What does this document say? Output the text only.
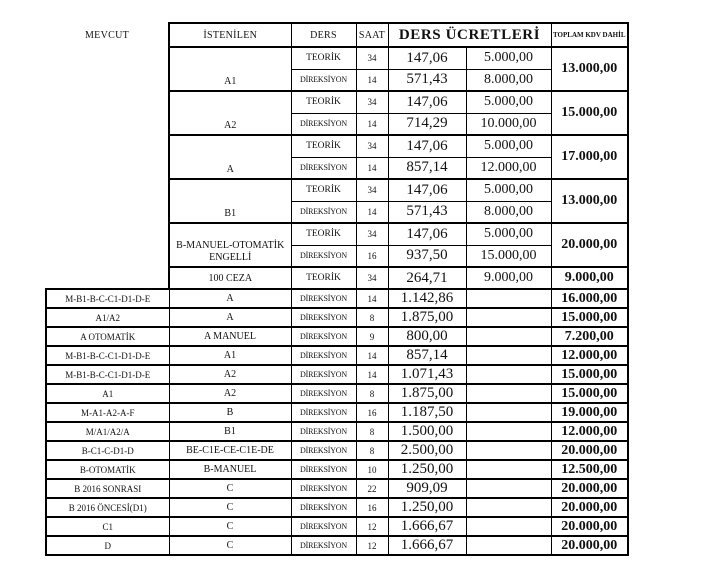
MEVCUT	İSTENİLEN	DERS	SAAT	DERS ÜCRETLERİ		TOPLAM KDV DAHİL
	A1	TEORİK	34	147,06	5.000,00	13.000,00
		DİREKSİYON	14	571,43	8.000,00	
	A2	TEORİK	34	147,06	5.000,00	15.000,00
		DİREKSİYON	14	714,29	10.000,00	
	A	TEORİK	34	147,06	5.000,00	17.000,00
		DİREKSİYON	14	857,14	12.000,00	
	B1	TEORİK	34	147,06	5.000,00	13.000,00
		DİREKSİYON	14	571,43	8.000,00	
	B-MANUEL-OTOMATİK ENGELLİ	TEORİK	34	147,06	5.000,00	20.000,00
		DİREKSİYON	16	937,50	15.000,00	
	100 CEZA	TEORİK	34	264,71	9.000,00	9.000,00
M-B1-B-C-C1-D1-D-E	A	DİREKSİYON	14	1.142,86		16.000,00
A1/A2	A	DİREKSİYON	8	1.875,00		15.000,00
A OTOMATİK	A MANUEL	DİREKSİYON	9	800,00		7.200,00
M-B1-B-C-C1-D1-D-E	A1	DİREKSİYON	14	857,14		12.000,00
M-B1-B-C-C1-D1-D-E	A2	DİREKSİYON	14	1.071,43		15.000,00
A1	A2	DİREKSİYON	8	1.875,00		15.000,00
M-A1-A2-A-F	B	DİREKSİYON	16	1.187,50		19.000,00
M/A1/A2/A	B1	DİREKSİYON	8	1.500,00		12.000,00
B-C1-C-D1-D	BE-C1E-CE-C1E-DE	DİREKSİYON	8	2.500,00		20.000,00
B-OTOMATİK	B-MANUEL	DİREKSİYON	10	1.250,00		12.500,00
B 2016 SONRASI	C	DİREKSİYON	22	909,09		20.000,00
B 2016 ÖNCESİ(D1)	C	DİREKSİYON	16	1.250,00		20.000,00
C1	C	DİREKSİYON	12	1.666,67		20.000,00
D	C	DİREKSİYON	12	1.666,67		20.000,00
